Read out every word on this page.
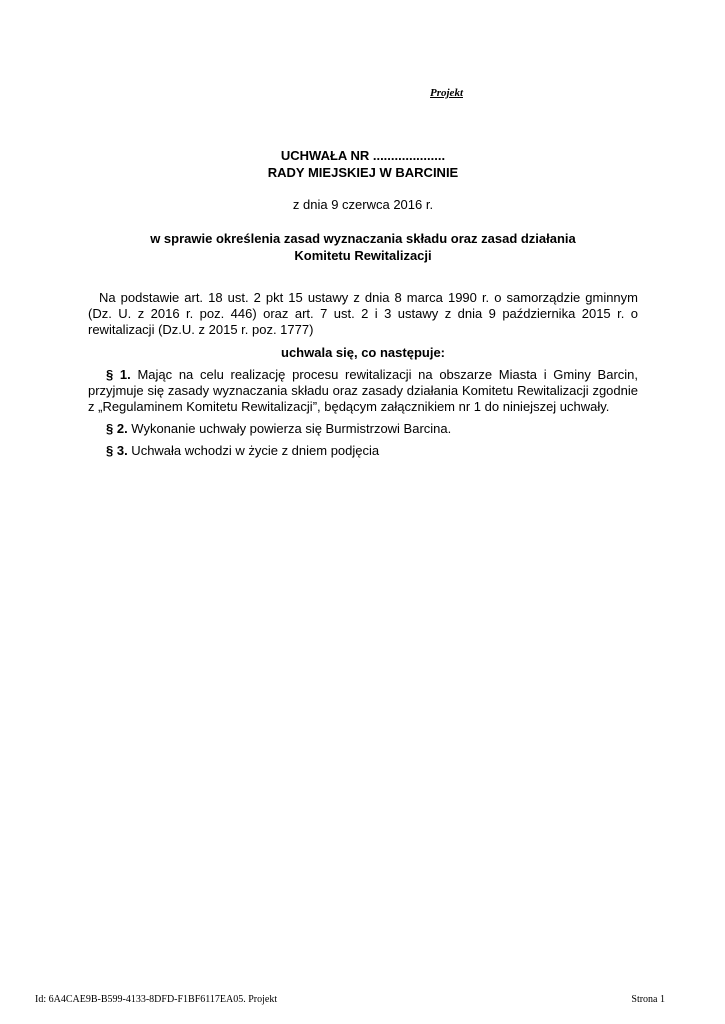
Projekt
UCHWAŁA NR ....................
RADY MIEJSKIEJ W BARCINIE
z dnia 9 czerwca 2016 r.
w sprawie określenia zasad wyznaczania składu oraz zasad działania
Komitetu Rewitalizacji

Na podstawie art. 18 ust. 2 pkt 15 ustawy z dnia 8 marca 1990 r. o samorządzie gminnym (Dz. U. z 2016 r. poz. 446) oraz art. 7 ust. 2 i 3 ustawy z dnia 9 października 2015 r. o rewitalizacji (Dz.U. z 2015 r. poz. 1777)

uchwala się, co następuje:

§ 1. Mając na celu realizację procesu rewitalizacji na obszarze Miasta i Gminy Barcin, przyjmuje się zasady wyznaczania składu oraz zasady działania Komitetu Rewitalizacji zgodnie z „Regulaminem Komitetu Rewitalizacji”, będącym załącznikiem nr 1 do niniejszej uchwały.

§ 2. Wykonanie uchwały powierza się Burmistrzowi Barcina.

§ 3. Uchwała wchodzi w życie z dniem podjęcia

Id: 6A4CAE9B-B599-4133-8DFD-F1BF6117EA05. Projekt	Strona 1
